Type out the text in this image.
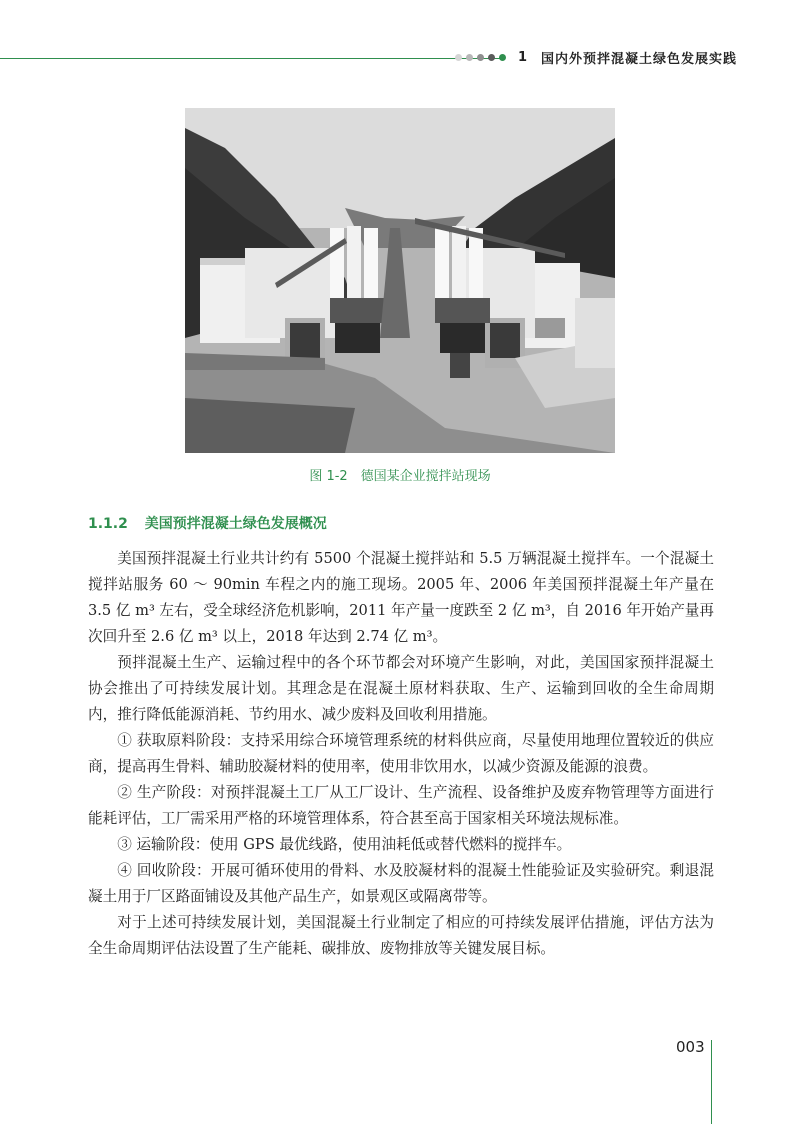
1 国内外预拌混凝土绿色发展实践
图 1-2　德国某企业搅拌站现场
1.1.2 美国预拌混凝土绿色发展概况

美国预拌混凝土行业共计约有 5500 个混凝土搅拌站和 5.5 万辆混凝土搅拌车。一个混凝土搅拌站服务 60 ～ 90min 车程之内的施工现场。2005 年、2006 年美国预拌混凝土年产量在 3.5 亿 m³ 左右，受全球经济危机影响，2011 年产量一度跌至 2 亿 m³，自 2016 年开始产量再次回升至 2.6 亿 m³ 以上，2018 年达到 2.74 亿 m³。

预拌混凝土生产、运输过程中的各个环节都会对环境产生影响，对此，美国国家预拌混凝土协会推出了可持续发展计划。其理念是在混凝土原材料获取、生产、运输到回收的全生命周期内，推行降低能源消耗、节约用水、减少废料及回收利用措施。

① 获取原料阶段：支持采用综合环境管理系统的材料供应商，尽量使用地理位置较近的供应商，提高再生骨料、辅助胶凝材料的使用率，使用非饮用水，以减少资源及能源的浪费。

② 生产阶段：对预拌混凝土工厂从工厂设计、生产流程、设备维护及废弃物管理等方面进行能耗评估，工厂需采用严格的环境管理体系，符合甚至高于国家相关环境法规标准。

③ 运输阶段：使用 GPS 最优线路，使用油耗低或替代燃料的搅拌车。

④ 回收阶段：开展可循环使用的骨料、水及胶凝材料的混凝土性能验证及实验研究。剩退混凝土用于厂区路面铺设及其他产品生产，如景观区或隔离带等。

对于上述可持续发展计划，美国混凝土行业制定了相应的可持续发展评估措施，评估方法为全生命周期评估法设置了生产能耗、碳排放、废物排放等关键发展目标。

003
